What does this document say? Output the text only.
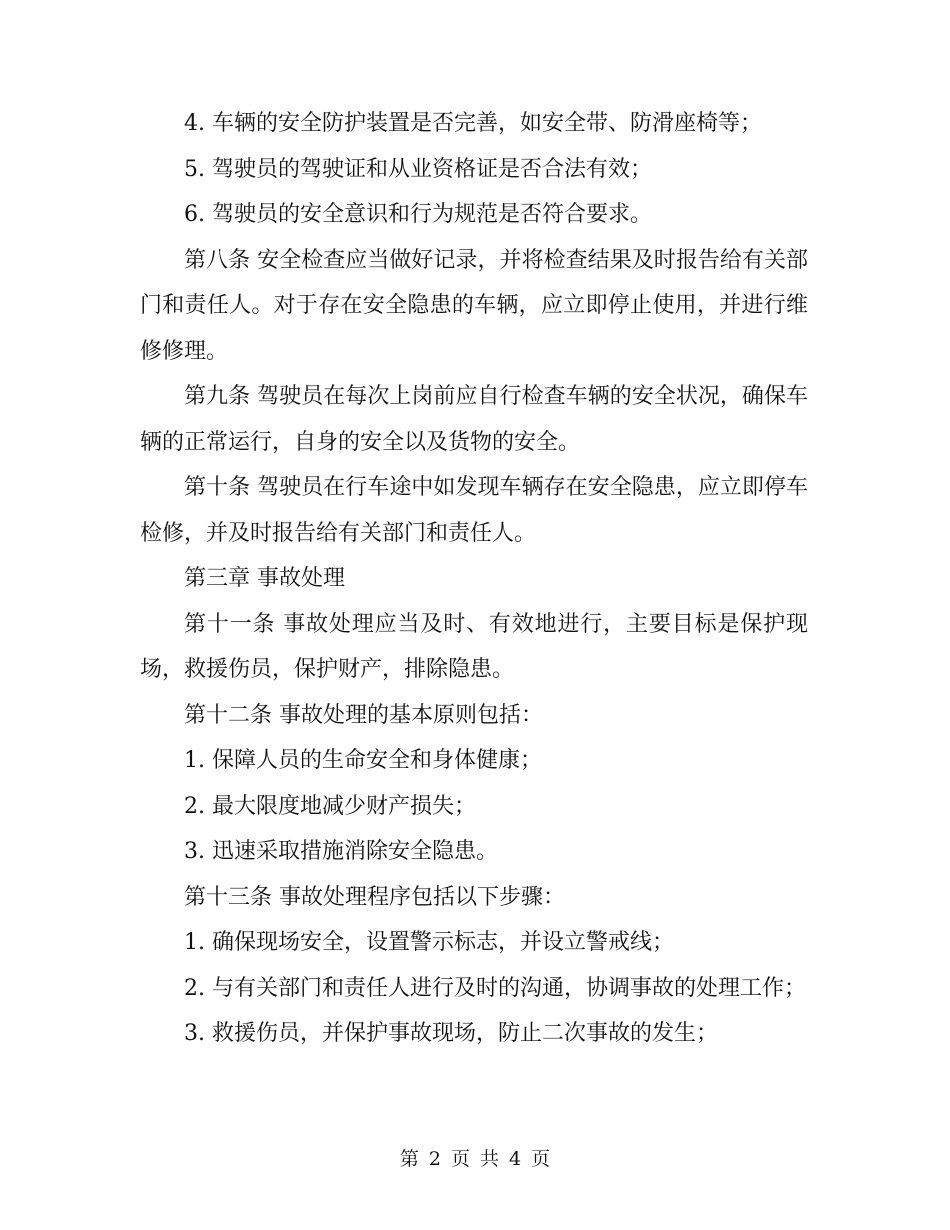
4. 车辆的安全防护装置是否完善，如安全带、防滑座椅等；

5. 驾驶员的驾驶证和从业资格证是否合法有效；

6. 驾驶员的安全意识和行为规范是否符合要求。

第八条 安全检查应当做好记录，并将检查结果及时报告给有关部门和责任人。对于存在安全隐患的车辆，应立即停止使用，并进行维修修理。

第九条 驾驶员在每次上岗前应自行检查车辆的安全状况，确保车辆的正常运行，自身的安全以及货物的安全。

第十条 驾驶员在行车途中如发现车辆存在安全隐患，应立即停车检修，并及时报告给有关部门和责任人。

第三章 事故处理

第十一条 事故处理应当及时、有效地进行，主要目标是保护现场，救援伤员，保护财产，排除隐患。

第十二条 事故处理的基本原则包括：

1. 保障人员的生命安全和身体健康；

2. 最大限度地减少财产损失；

3. 迅速采取措施消除安全隐患。

第十三条 事故处理程序包括以下步骤：

1. 确保现场安全，设置警示标志，并设立警戒线；

2. 与有关部门和责任人进行及时的沟通，协调事故的处理工作；

3. 救援伤员，并保护事故现场，防止二次事故的发生；

第 2 页 共 4 页
